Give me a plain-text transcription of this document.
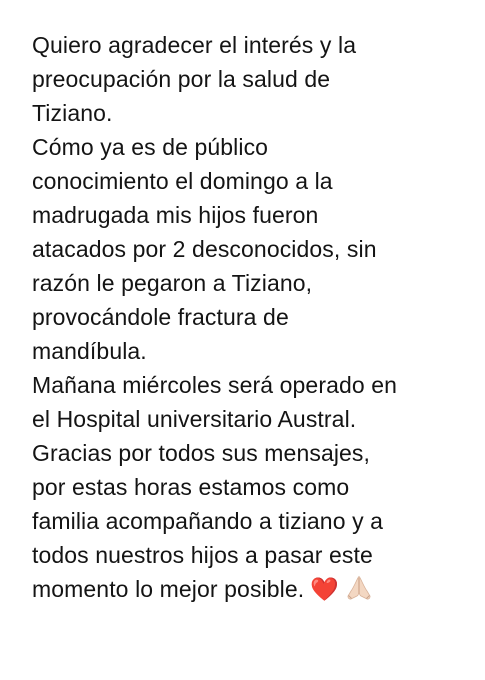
Quiero agradecer el interés y la
preocupación por la salud de
Tiziano.
Cómo ya es de público
conocimiento el domingo a la
madrugada mis hijos fueron
atacados por 2 desconocidos, sin
razón le pegaron a Tiziano,
provocándole fractura de
mandíbula.
Mañana miércoles será operado en
el Hospital universitario Austral.
Gracias por todos sus mensajes,
por estas horas estamos como
familia acompañando a tiziano y a
todos nuestros hijos a pasar este
momento lo mejor posible. ❤️
